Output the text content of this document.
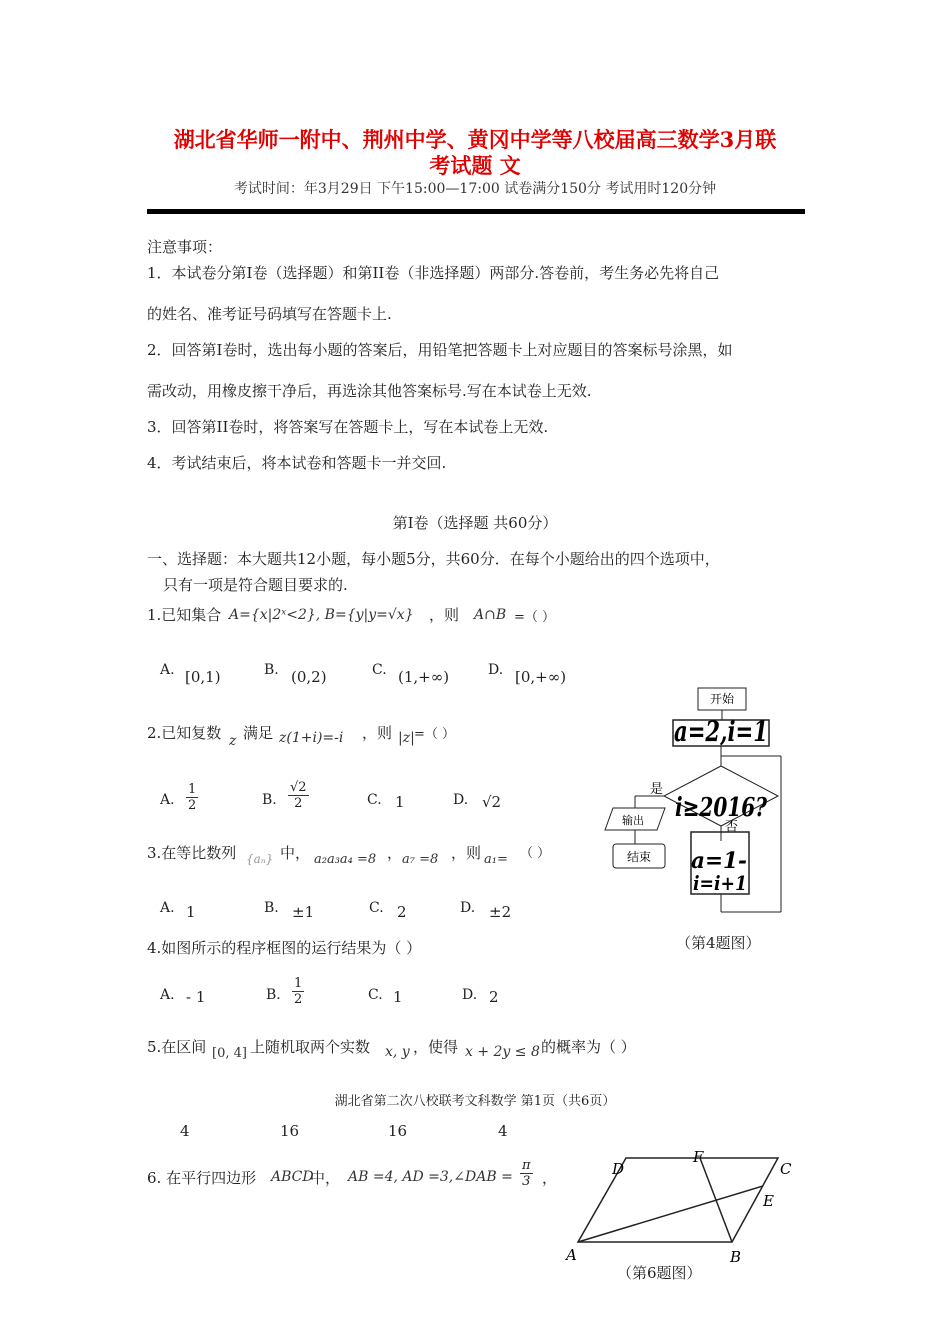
湖北省华师一附中、荆州中学、黄冈中学等八校届高三数学3月联
考试题 文
考试时间：年3月29日 下午15:00—17:00 试卷满分150分 考试用时120分钟
注意事项：
1．本试卷分第Ⅰ卷（选择题）和第II卷（非选择题）两部分.答卷前，考生务必先将自己
的姓名、准考证号码填写在答题卡上.
2．回答第Ⅰ卷时，选出每小题的答案后，用铅笔把答题卡上对应题目的答案标号涂黑，如
需改动，用橡皮擦干净后，再选涂其他答案标号.写在本试卷上无效.
3．回答第II卷时，将答案写在答题卡上，写在本试卷上无效.
4．考试结束后，将本试卷和答题卡一并交回.
第Ⅰ卷（选择题 共60分）
一、选择题：本大题共12小题，每小题5分，共60分．在每个小题给出的四个选项中，
只有一项是符合题目要求的.
1.已知集合 A={x|2ˣ<2}, B={y|y=√x} ，则 A∩B =（ ）
A. [0,1)	B. (0,2)	C. (1,+∞)	D. [0,+∞)
2.已知复数 z 满足 z(1+i)=-i ，则 |z| =（ ）
A. $\frac{1}{2}$	B. $\frac{√2}{2}$	C. 1	D. √2
3.在等比数列 {aₙ} 中， a₂a₃a₄ =8 ， a₇ =8 ，则 a₁= （ ）
A. 1	B. ±1	C. 2	D. ±2
4.如图所示的程序框图的运行结果为（ ）
A. - 1	B. $\frac{1}{2}$	C. 1	D. 2
5.在区间 [0, 4] 上随机取两个实数 x, y ，使得 x + 2y ≤ 8 的概率为（ ）
湖北省第二次八校联考文科数学 第1页（共6页）
4	16	16	4
6. 在平行四边形 ABCD
中， AB =4, AD =3,∠DAB = $\frac{\pi}{3}$ ，
开始
a=2,i=1
i≥2016?
是
输出
结束
否
a=1-
i=i+1
（第4题图）
D
F
C
E
A	B
（第6题图）
